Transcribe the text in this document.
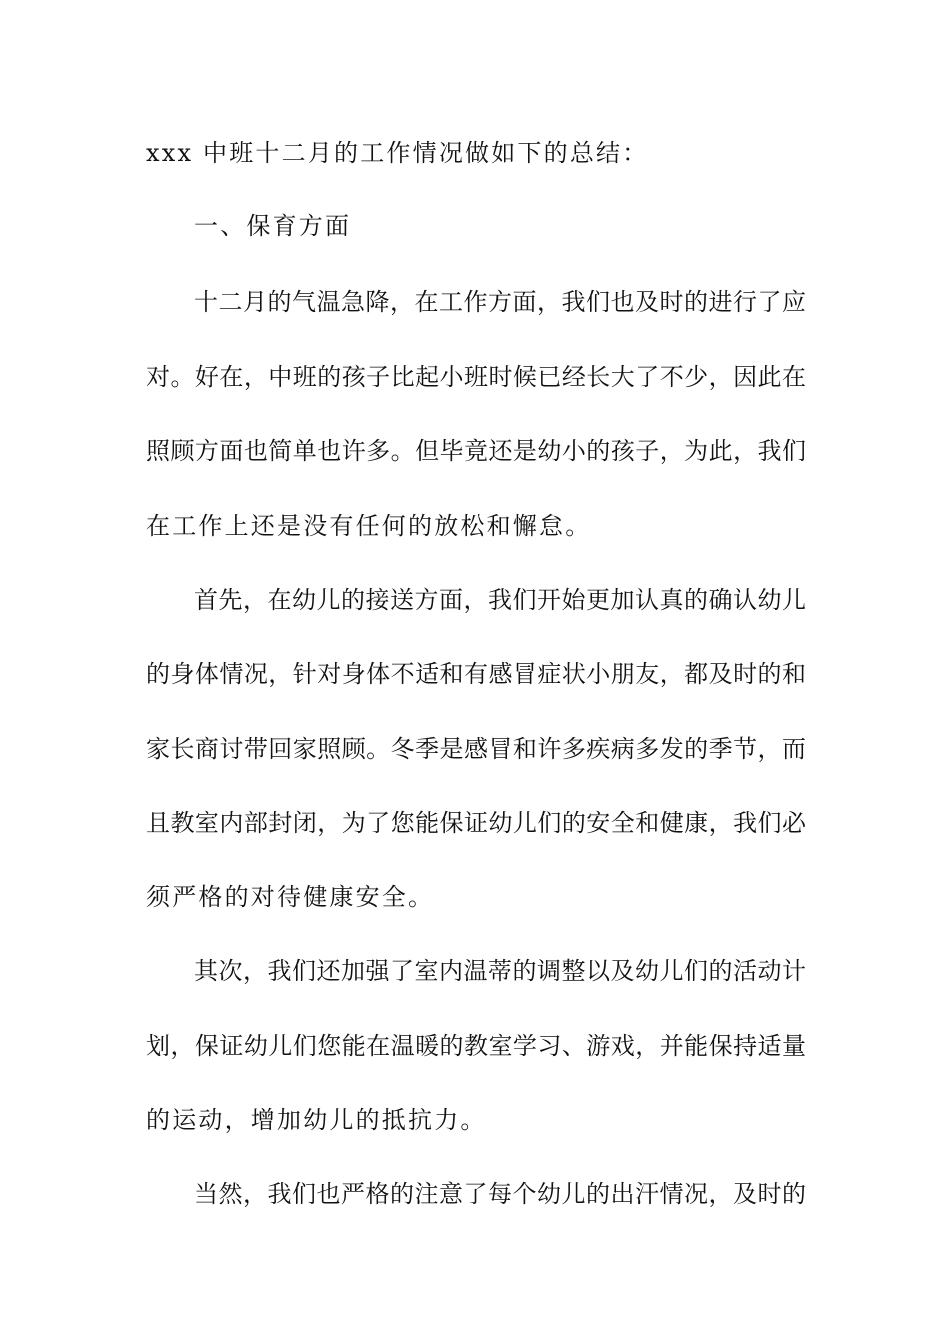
xxx 中班十二月的工作情况做如下的总结：
一、保育方面
十二月的气温急降，在工作方面，我们也及时的进行了应
对。好在，中班的孩子比起小班时候已经长大了不少，因此在
照顾方面也简单也许多。但毕竟还是幼小的孩子，为此，我们
在工作上还是没有任何的放松和懈怠。
首先，在幼儿的接送方面，我们开始更加认真的确认幼儿
的身体情况，针对身体不适和有感冒症状小朋友，都及时的和
家长商讨带回家照顾。冬季是感冒和许多疾病多发的季节，而
且教室内部封闭，为了您能保证幼儿们的安全和健康，我们必
须严格的对待健康安全。
其次，我们还加强了室内温蒂的调整以及幼儿们的活动计
划，保证幼儿们您能在温暖的教室学习、游戏，并能保持适量
的运动，增加幼儿的抵抗力。
当然，我们也严格的注意了每个幼儿的出汗情况，及时的
